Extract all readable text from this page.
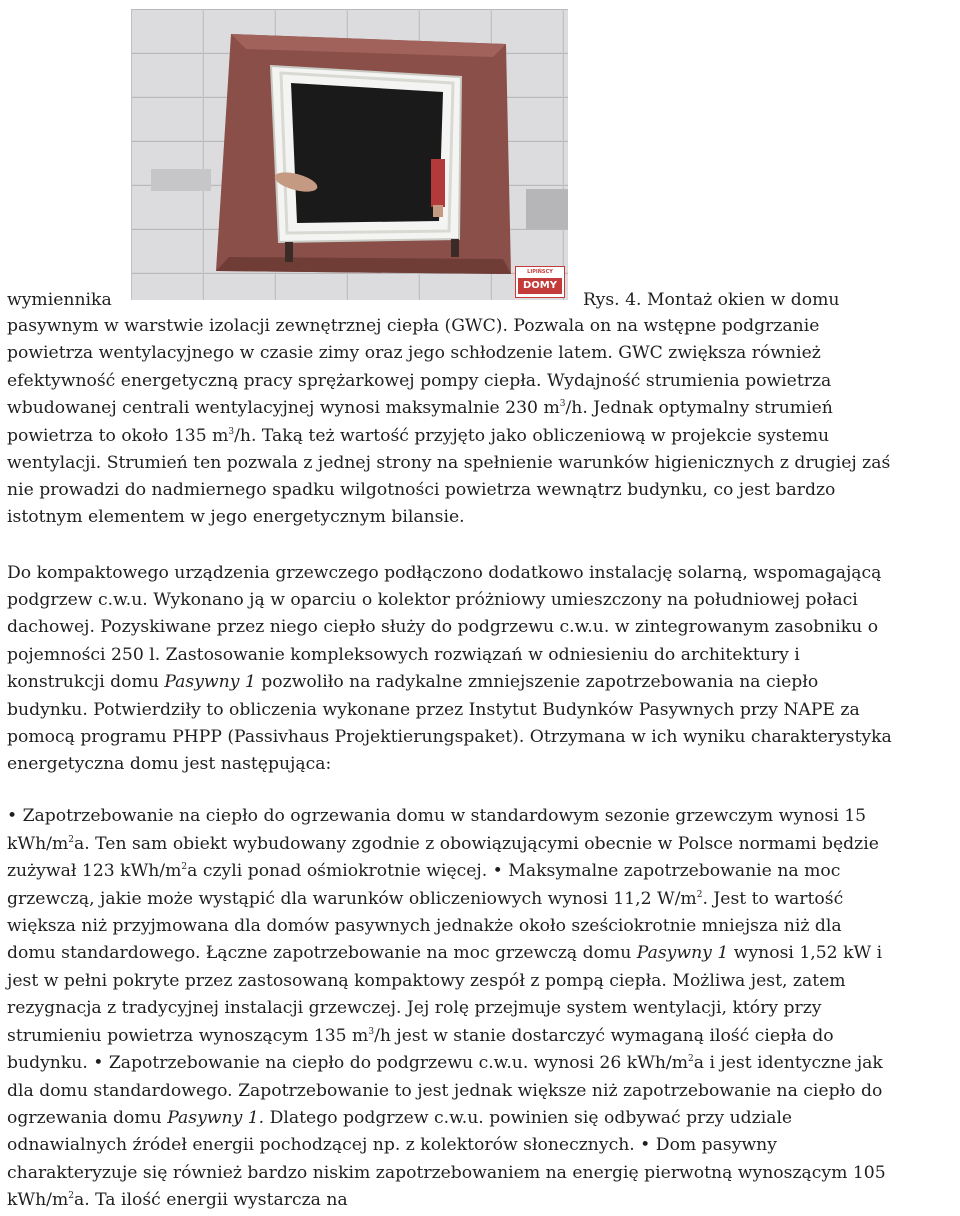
LIPIŃSCY
DOMY
Rys. 4. Montaż okien w domu
wymiennika
pasywnym w warstwie izolacji zewnętrznej ciepła (GWC). Pozwala on na wstępne podgrzanie
powietrza wentylacyjnego w czasie zimy oraz jego schłodzenie latem. GWC zwiększa również
efektywność energetyczną pracy sprężarkowej pompy ciepła. Wydajność strumienia powietrza
wbudowanej centrali wentylacyjnej wynosi maksymalnie 230 $m^3/h$. Jednak optymalny strumień
powietrza to około 135 $m^3/h$. Taką też wartość przyjęto jako obliczeniową w projekcie systemu
wentylacji. Strumień ten pozwala z jednej strony na spełnienie warunków higienicznych z drugiej zaś
nie prowadzi do nadmiernego spadku wilgotności powietrza wewnątrz budynku, co jest bardzo
istotnym elementem w jego energetycznym bilansie.
Do kompaktowego urządzenia grzewczego podłączono dodatkowo instalację solarną, wspomagającą
podgrzew c.w.u. Wykonano ją w oparciu o kolektor próżniowy umieszczony na południowej połaci
dachowej. Pozyskiwane przez niego ciepło służy do podgrzewu c.w.u. w zintegrowanym zasobniku o
pojemności 250 l. Zastosowanie kompleksowych rozwiązań w odniesieniu do architektury i
konstrukcji domu Pasywny 1 pozwoliło na radykalne zmniejszenie zapotrzebowania na ciepło
budynku. Potwierdziły to obliczenia wykonane przez Instytut Budynków Pasywnych przy NAPE za
pomocą programu PHPP (Passivhaus Projektierungspaket). Otrzymana w ich wyniku charakterystyka
energetyczna domu jest następująca:
• Zapotrzebowanie na ciepło do ogrzewania domu w standardowym sezonie grzewczym wynosi 15
kWh/$m^2a$. Ten sam obiekt wybudowany zgodnie z obowiązującymi obecnie w Polsce normami będzie
zużywał 123 kWh/$m^2a$ czyli ponad ośmiokrotnie więcej. • Maksymalne zapotrzebowanie na moc
grzewczą, jakie może wystąpić dla warunków obliczeniowych wynosi 11,2 $W/m^2$. Jest to wartość
większa niż przyjmowana dla domów pasywnych jednakże około sześciokrotnie mniejsza niż dla
domu standardowego. Łączne zapotrzebowanie na moc grzewczą domu Pasywny 1 wynosi 1,52 kW i
jest w pełni pokryte przez zastosowaną kompaktowy zespół z pompą ciepła. Możliwa jest, zatem
rezygnacja z tradycyjnej instalacji grzewczej. Jej rolę przejmuje system wentylacji, który przy
strumieniu powietrza wynoszącym 135 $m^3/h$ jest w stanie dostarczyć wymaganą ilość ciepła do
budynku. • Zapotrzebowanie na ciepło do podgrzewu c.w.u. wynosi 26 kWh/$m^2a$ i jest identyczne jak
dla domu standardowego. Zapotrzebowanie to jest jednak większe niż zapotrzebowanie na ciepło do
ogrzewania domu Pasywny 1. Dlatego podgrzew c.w.u. powinien się odbywać przy udziale
odnawialnych źródeł energii pochodzącej np. z kolektorów słonecznych. • Dom pasywny
charakteryzuje się również bardzo niskim zapotrzebowaniem na energię pierwotną wynoszącym 105
kWh/$m^2a$. Ta ilość energii wystarcza na
